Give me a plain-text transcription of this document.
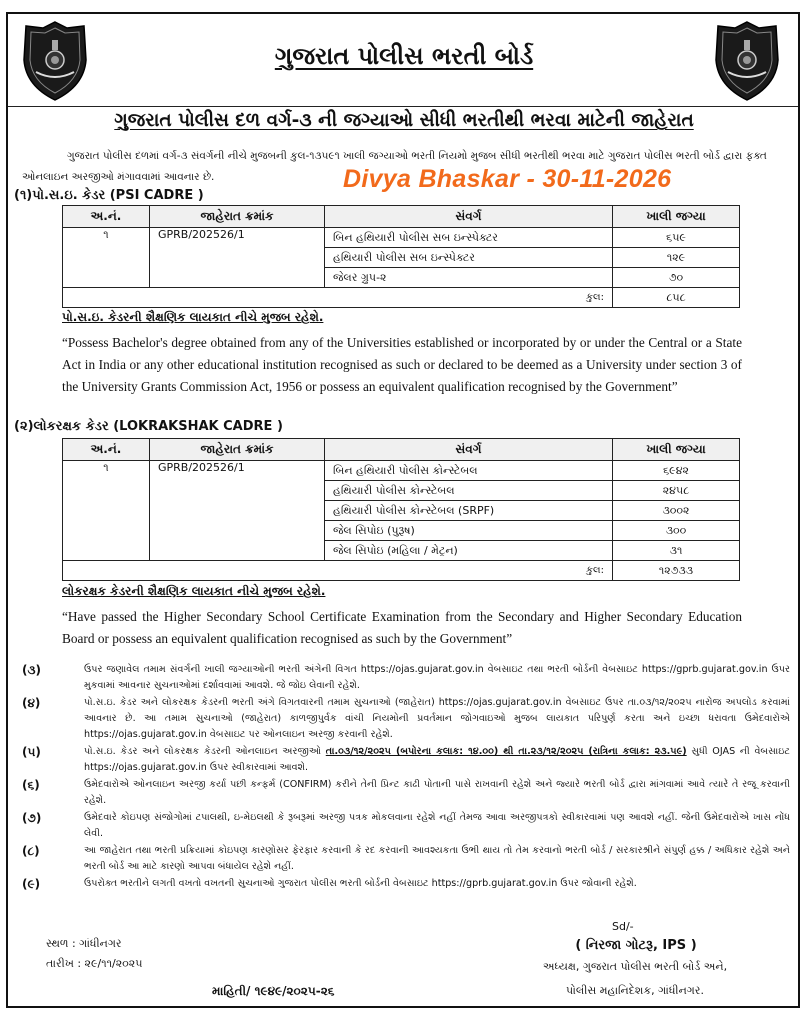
ગુજરાત પોલીસ ભરતી બોર્ડ
ગુજરાત પોલીસ દળ વર્ગ-૩ ની જગ્યાઓ સીધી ભરતીથી ભરવા માટેની જાહેરાત
ગુજરાત પોલીસ દળમાં વર્ગ-૩ સંવર્ગની નીચે મુજબની કુલ-૧૩૫૯૧ ખાલી જગ્યાઓ ભરતી નિયમો મુજબ સીધી ભરતીથી ભરવા માટે ગુજરાત પોલીસ ભરતી બોર્ડ દ્વારા ફક્ત ઓનલાઇન અરજીઓ મંગાવવામાં આવનાર છે.	Divya Bhaskar - 30-11-2026
(૧)પો.સ.ઇ. કેડર (PSI CADRE )
અ.નં.	જાહેરાત ક્રમાંક	સંવર્ગ	ખાલી જગ્યા
૧	GPRB/202526/1	બિન હથિયારી પોલીસ સબ ઇન્સ્પેક્ટર	૬૫૯
		હથિયારી પોલીસ સબ ઇન્સ્પેક્ટર	૧૨૯
		જેલર ગ્રુપ-૨	૭૦
કુલ:			૮૫૮
પો.સ.ઇ. કેડરની શૈક્ષણિક લાયકાત નીચે મુજબ રહેશે.
“Possess Bachelor's degree obtained from any of the Universities established or incorporated by or under the Central or a State Act in India or any other educational institution recognised as such or declared to be deemed as a University under section 3 of the University Grants Commission Act, 1956 or possess an equivalent qualification recognised by the Government”
(૨)લોકરક્ષક કેડર (LOKRAKSHAK CADRE )
અ.નં.	જાહેરાત ક્રમાંક	સંવર્ગ	ખાલી જગ્યા
૧	GPRB/202526/1	બિન હથિયારી પોલીસ કોન્સ્ટેબલ	૬૯૪૨
		હથિયારી પોલીસ કોન્સ્ટેબલ	૨૪૫૮
		હથિયારી પોલીસ કોન્સ્ટેબલ (SRPF)	૩૦૦૨
		જેલ સિપોઇ (પુરૂષ)	૩૦૦
		જેલ સિપોઇ (મહિલા / મેટ્રન)	૩૧
કુલ:			૧૨૭૩૩
લોકરક્ષક કેડરની શૈક્ષણિક લાયકાત નીચે મુજબ રહેશે.
“Have passed the Higher Secondary School Certificate Examination from the Secondary and Higher Secondary Education Board or possess an equivalent qualification recognised as such by the Government”
(૩)	ઉપર જણાવેલ તમામ સંવર્ગની ખાલી જગ્યાઓની ભરતી અંગેની વિગત https://ojas.gujarat.gov.in વેબસાઇટ તથા ભરતી બોર્ડની વેબસાઇટ https://gprb.gujarat.gov.in ઉપર મુકવામાં આવનાર સુચનાઓમાં દર્શાવવામાં આવશે. જે જોઇ લેવાની રહેશે.
(૪)	પો.સ.ઇ. કેડર અને લોકરક્ષક કેડરની ભરતી અંગે વિગતવારની તમામ સુચનાઓ (જાહેરાત) https://ojas.gujarat.gov.in વેબસાઇટ ઉપર તા.૦૩/૧૨/૨૦૨૫ નારોજ અપલોડ કરવામાં આવનાર છે. આ તમામ સુચનાઓ (જાહેરાત) કાળજીપુર્વક વાંચી નિયમોની પ્રવર્તમાન જોગવાઇઓ મુજબ લાયકાત પરિપુર્ણ કરતા અને ઇચ્છા ધરાવતા ઉમેદવારોએ https://ojas.gujarat.gov.in વેબસાઇટ પર ઓનલાઇન અરજી કરવાની રહેશે.
(૫)	પો.સ.ઇ. કેડર અને લોકરક્ષક કેડરની ઓનલાઇન અરજીઓ તા.૦૩/૧૨/૨૦૨૫ (બપોરના કલાક: ૧૪.૦૦) થી તા.૨૩/૧૨/૨૦૨૫ (રાત્રિના કલાક: ૨૩.૫૯) સુધી OJAS ની વેબસાઇટ https://ojas.gujarat.gov.in ઉપર સ્વીકારવામાં આવશે.
(૬)	ઉમેદવારોએ ઓનલાઇન અરજી કર્યા પછી કન્ફર્મ (CONFIRM) કરીને તેની પ્રિન્ટ કાઢી પોતાની પાસે રાખવાની રહેશે અને જ્યારે ભરતી બોર્ડ દ્વારા માંગવામાં આવે ત્યારે તે રજૂ કરવાની રહેશે.
(૭)	ઉમેદવારે કોઇપણ સંજોગોમાં ટપાલથી, ઇ-મેઇલથી કે રૂબરૂમાં અરજી પત્રક મોકલવાના રહેશે નહીં તેમજ આવા અરજીપત્રકો સ્વીકારવામાં પણ આવશે નહીં. જેની ઉમેદવારોએ ખાસ નોંધ લેવી.
(૮)	આ જાહેરાત તથા ભરતી પ્રક્રિયામાં કોઇપણ કારણોસર ફેરફાર કરવાની કે રદ કરવાની આવશ્યકતા ઉભી થાય તો તેમ કરવાનો ભરતી બોર્ડ / સરકારશ્રીને સંપુર્ણ હક્ક / અધિકાર રહેશે અને ભરતી બોર્ડ આ માટે કારણો આપવા બંધાયેલ રહેશે નહીં.
(૯)	ઉપરોક્ત ભરતીને લગતી વખતો વખતની સુચનાઓ ગુજરાત પોલીસ ભરતી બોર્ડની વેબસાઇટ https://gprb.gujarat.gov.in ઉપર જોવાની રહેશે.
Sd/-
સ્થળ : ગાંધીનગર	( નિરજા ગોટરૂ, IPS )
તારીખ : ૨૯/૧૧/૨૦૨૫	અધ્યક્ષ, ગુજરાત પોલીસ ભરતી બોર્ડ અને,
માહિતી/ ૧૯૪૯/૨૦૨૫-૨૬	પોલીસ મહાનિદેશક, ગાંધીનગર.
